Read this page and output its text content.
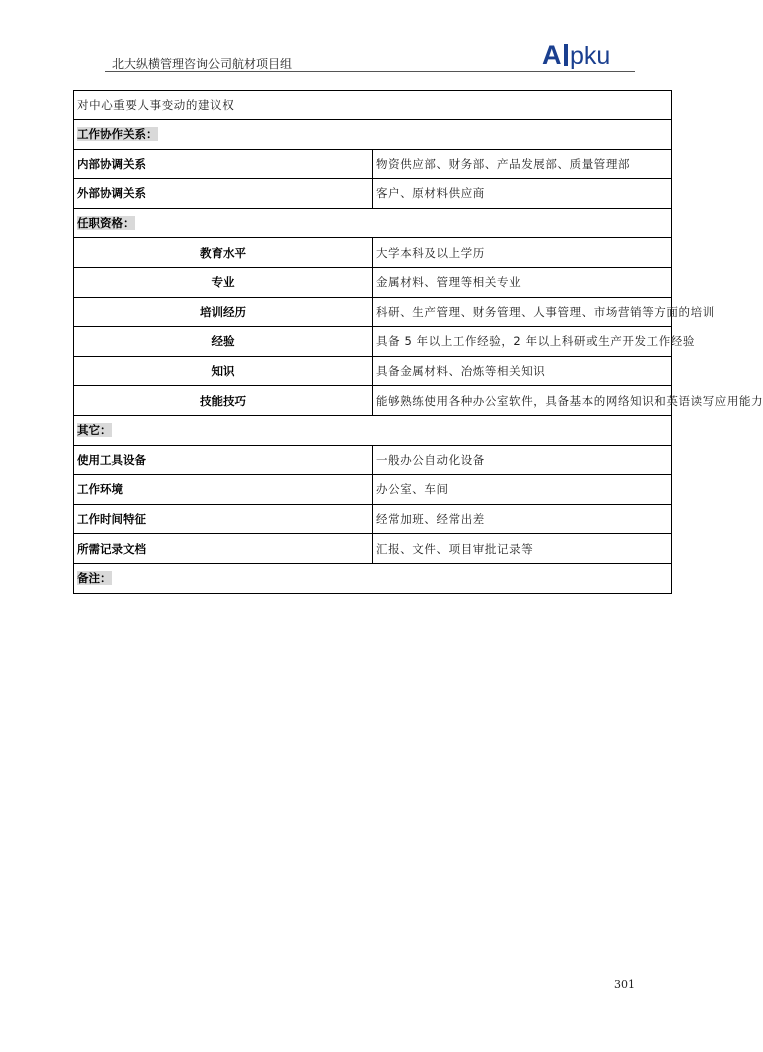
北大纵横管理咨询公司航材项目组	A pku
对中心重要人事变动的建议权	
工作协作关系：	
内部协调关系	物资供应部、财务部、产品发展部、质量管理部
外部协调关系	客户、原材料供应商
任职资格：	
教育水平	大学本科及以上学历
专业	金属材料、管理等相关专业
培训经历	科研、生产管理、财务管理、人事管理、市场营销等方面的培训
经验	具备 5 年以上工作经验，2 年以上科研或生产开发工作经验
知识	具备金属材料、冶炼等相关知识
技能技巧	能够熟练使用各种办公室软件，具备基本的网络知识和英语读写应用能力
其它：	
使用工具设备	一般办公自动化设备
工作环境	办公室、车间
工作时间特征	经常加班、经常出差
所需记录文档	汇报、文件、项目审批记录等
备注：	
301
